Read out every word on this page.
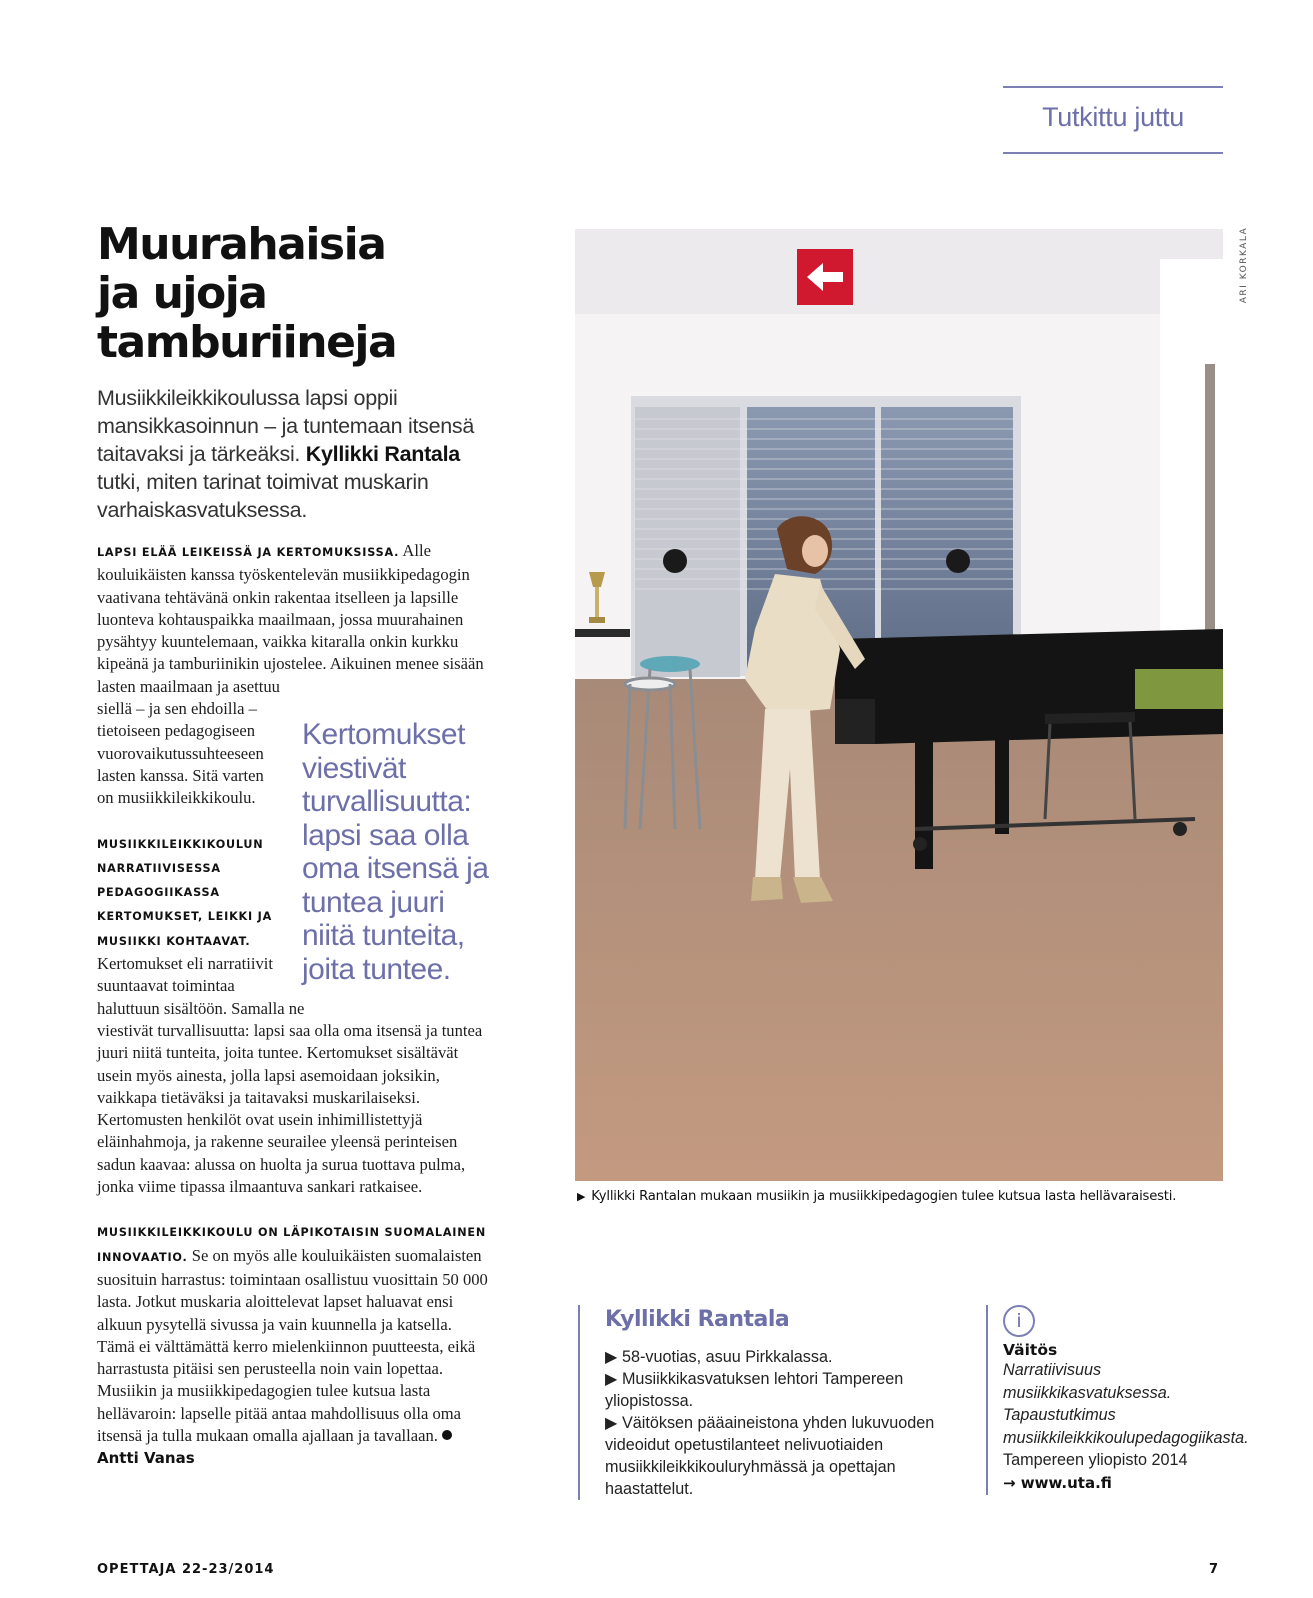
Tutkittu juttu
Muurahaisia
ja ujoja
tamburiineja
Musiikkileikkikoulussa lapsi oppii mansikkasoinnun – ja tuntemaan itsensä taitavaksi ja tärkeäksi. Kyllikki Rantala tutki, miten tarinat toimivat muskarin varhaiskasvatuksessa.

LAPSI ELÄÄ LEIKEISSÄ JA KERTOMUKSISSA. Alle kouluikäisten kanssa työskentelevän musiikkipedagogin vaativana tehtävänä onkin rakentaa itselleen ja lapsille luonteva kohtauspaikka maailmaan, jossa muurahainen pysähtyy kuuntelemaan, vaikka kitaralla onkin kurkku kipeänä ja tamburiinikin ujostelee. Aikuinen menee sisään lasten maailmaan ja asettuu

Kertomukset viestivät turvallisuutta: lapsi saa olla oma itsensä ja tuntea juuri niitä tunteita, joita tuntee.

siellä – ja sen ehdoilla – tietoiseen pedagogiseen vuorovaikutussuhteeseen lasten kanssa. Sitä varten on musiikkileikkikoulu.

MUSIIKKILEIKKIKOULUN NARRATIIVISESSA PEDAGOGIIKASSA KERTOMUKSET, LEIKKI JA MUSIIKKI KOHTAAVAT. Kertomukset eli narratiivit suuntaavat toimintaa haluttuun sisältöön. Samalla ne

viestivät turvallisuutta: lapsi saa olla oma itsensä ja tuntea juuri niitä tunteita, joita tuntee. Kertomukset sisältävät usein myös ainesta, jolla lapsi asemoidaan joksikin, vaikkapa tietäväksi ja taitavaksi muskarilaiseksi. Kertomusten henkilöt ovat usein inhimillistettyjä eläinhahmoja, ja rakenne seurailee yleensä perinteisen sadun kaavaa: alussa on huolta ja surua tuottava pulma, jonka viime tipassa ilmaantuva sankari ratkaisee.

MUSIIKKILEIKKIKOULU ON LÄPIKOTAISIN SUOMALAINEN INNOVAATIO. Se on myös alle kouluikäisten suomalaisten suosituin harrastus: toimintaan osallistuu vuosittain 50 000 lasta. Jotkut muskaria aloittelevat lapset haluavat ensi alkuun pysytellä sivussa ja vain kuunnella ja katsella. Tämä ei välttämättä kerro mielenkiinnon puutteesta, eikä harrastusta pitäisi sen perusteella noin vain lopettaa. Musiikin ja musiikkipedagogien tulee kutsua lasta hellävaroin: lapselle pitää antaa mahdollisuus olla oma itsensä ja tulla mukaan omalla ajallaan ja tavallaan.

Antti Vanas
ARI KORKALA
▶ Kyllikki Rantalan mukaan musiikin ja musiikkipedagogien tulee kutsua lasta hellävaraisesti.
Kyllikki Rantala
▶ 58-vuotias, asuu Pirkkalassa.
▶ Musiikkikasvatuksen lehtori Tampereen yliopistossa.
▶ Väitöksen pääaineistona yhden lukuvuoden videoidut opetustilanteet nelivuotiaiden musiikkileikkikouluryhmässä ja opettajan haastattelut.
i
Väitös
Narratiivisuus musiikkikasvatuksessa. Tapaustutkimus musiikkileikkikoulupedagogiikasta.
Tampereen yliopisto 2014
→ www.uta.fi
OPETTAJA 22-23/2014	7
